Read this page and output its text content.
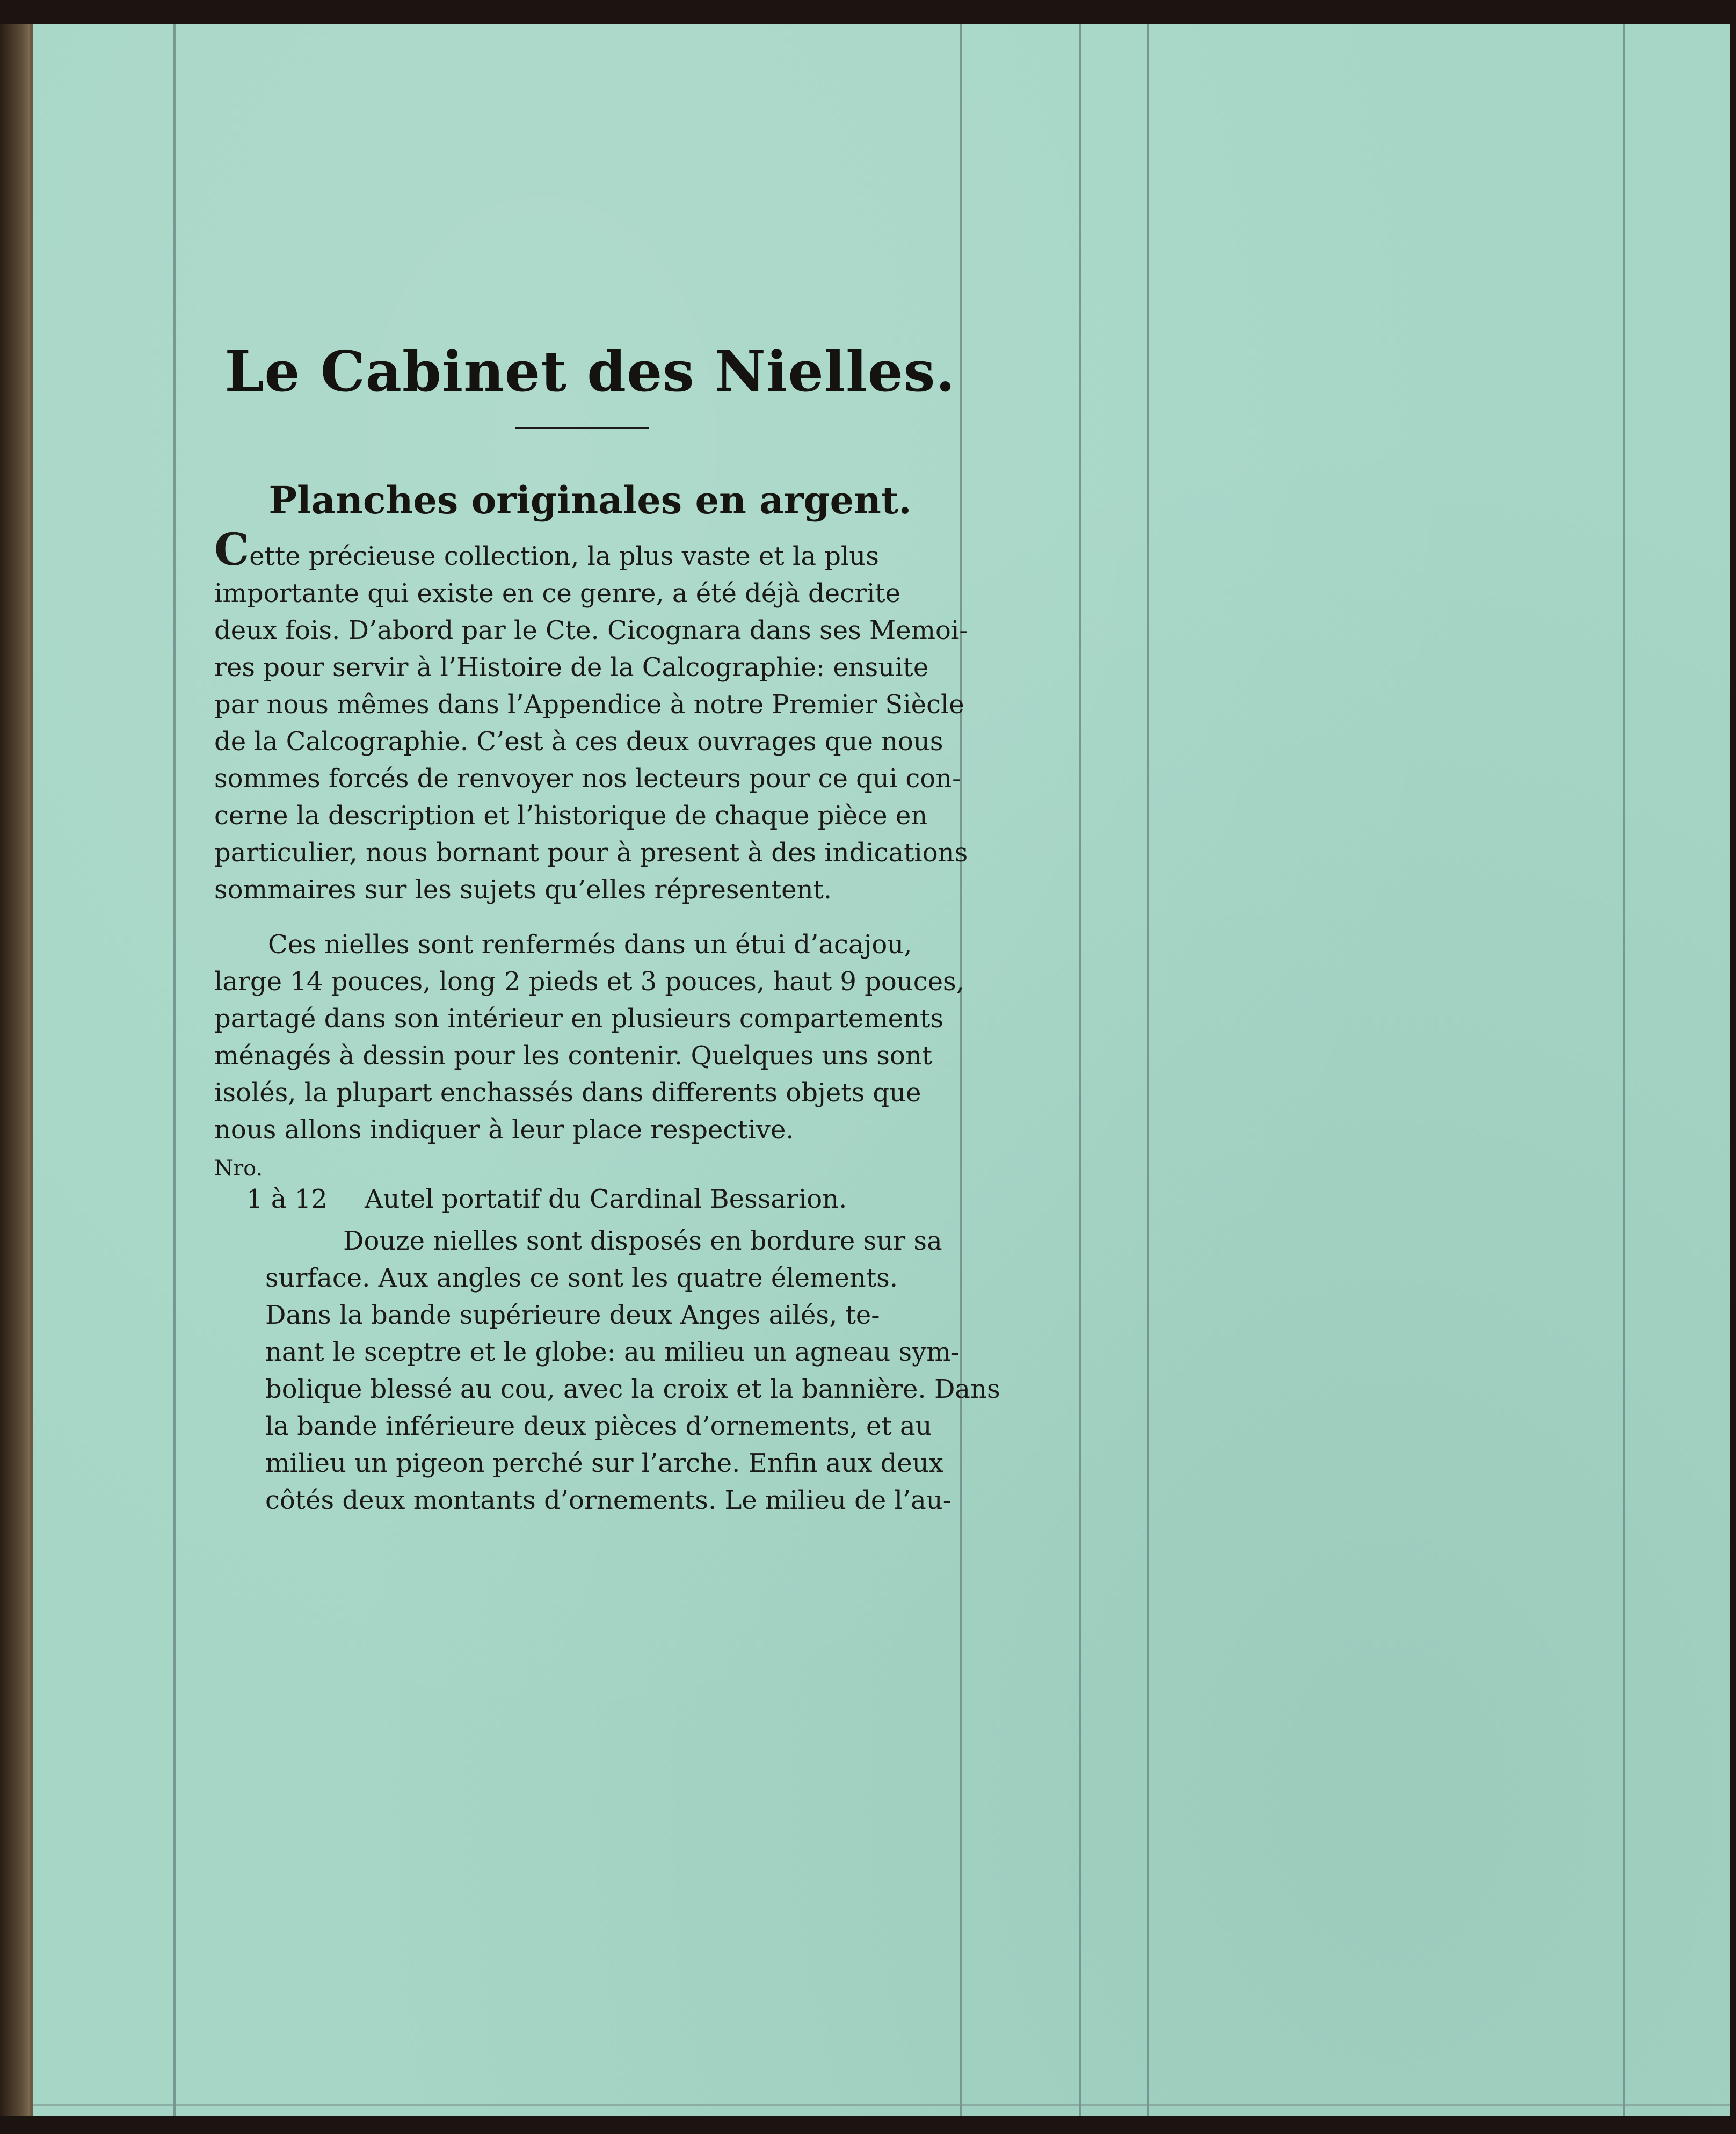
Le Cabinet des Nielles.
Planches originales en argent.
Cette précieuse collection, la plus vaste et la plus
importante qui existe en ce genre, a été déjà decrite
deux fois. D’abord par le Cte. Cicognara dans ses Memoi-
res pour servir à l’Histoire de la Calcographie: ensuite
par nous mêmes dans l’Appendice à notre Premier Siècle
de la Calcographie. C’est à ces deux ouvrages que nous
sommes forcés de renvoyer nos lecteurs pour ce qui con-
cerne la description et l’historique de chaque pièce en
particulier, nous bornant pour à present à des indications
sommaires sur les sujets qu’elles répresentent.
Ces nielles sont renfermés dans un étui d’acajou,
large 14 pouces, long 2 pieds et 3 pouces, haut 9 pouces,
partagé dans son intérieur en plusieurs compartements
ménagés à dessin pour les contenir. Quelques uns sont
isolés, la plupart enchassés dans differents objets que
nous allons indiquer à leur place respective.
Nro.
1 à 12 Autel portatif du Cardinal Bessarion.
Douze nielles sont disposés en bordure sur sa
surface. Aux angles ce sont les quatre élements.
Dans la bande supérieure deux Anges ailés, te-
nant le sceptre et le globe: au milieu un agneau sym-
bolique blessé au cou, avec la croix et la bannière. Dans
la bande inférieure deux pièces d’ornements, et au
milieu un pigeon perché sur l’arche. Enfin aux deux
côtés deux montants d’ornements. Le milieu de l’au-
